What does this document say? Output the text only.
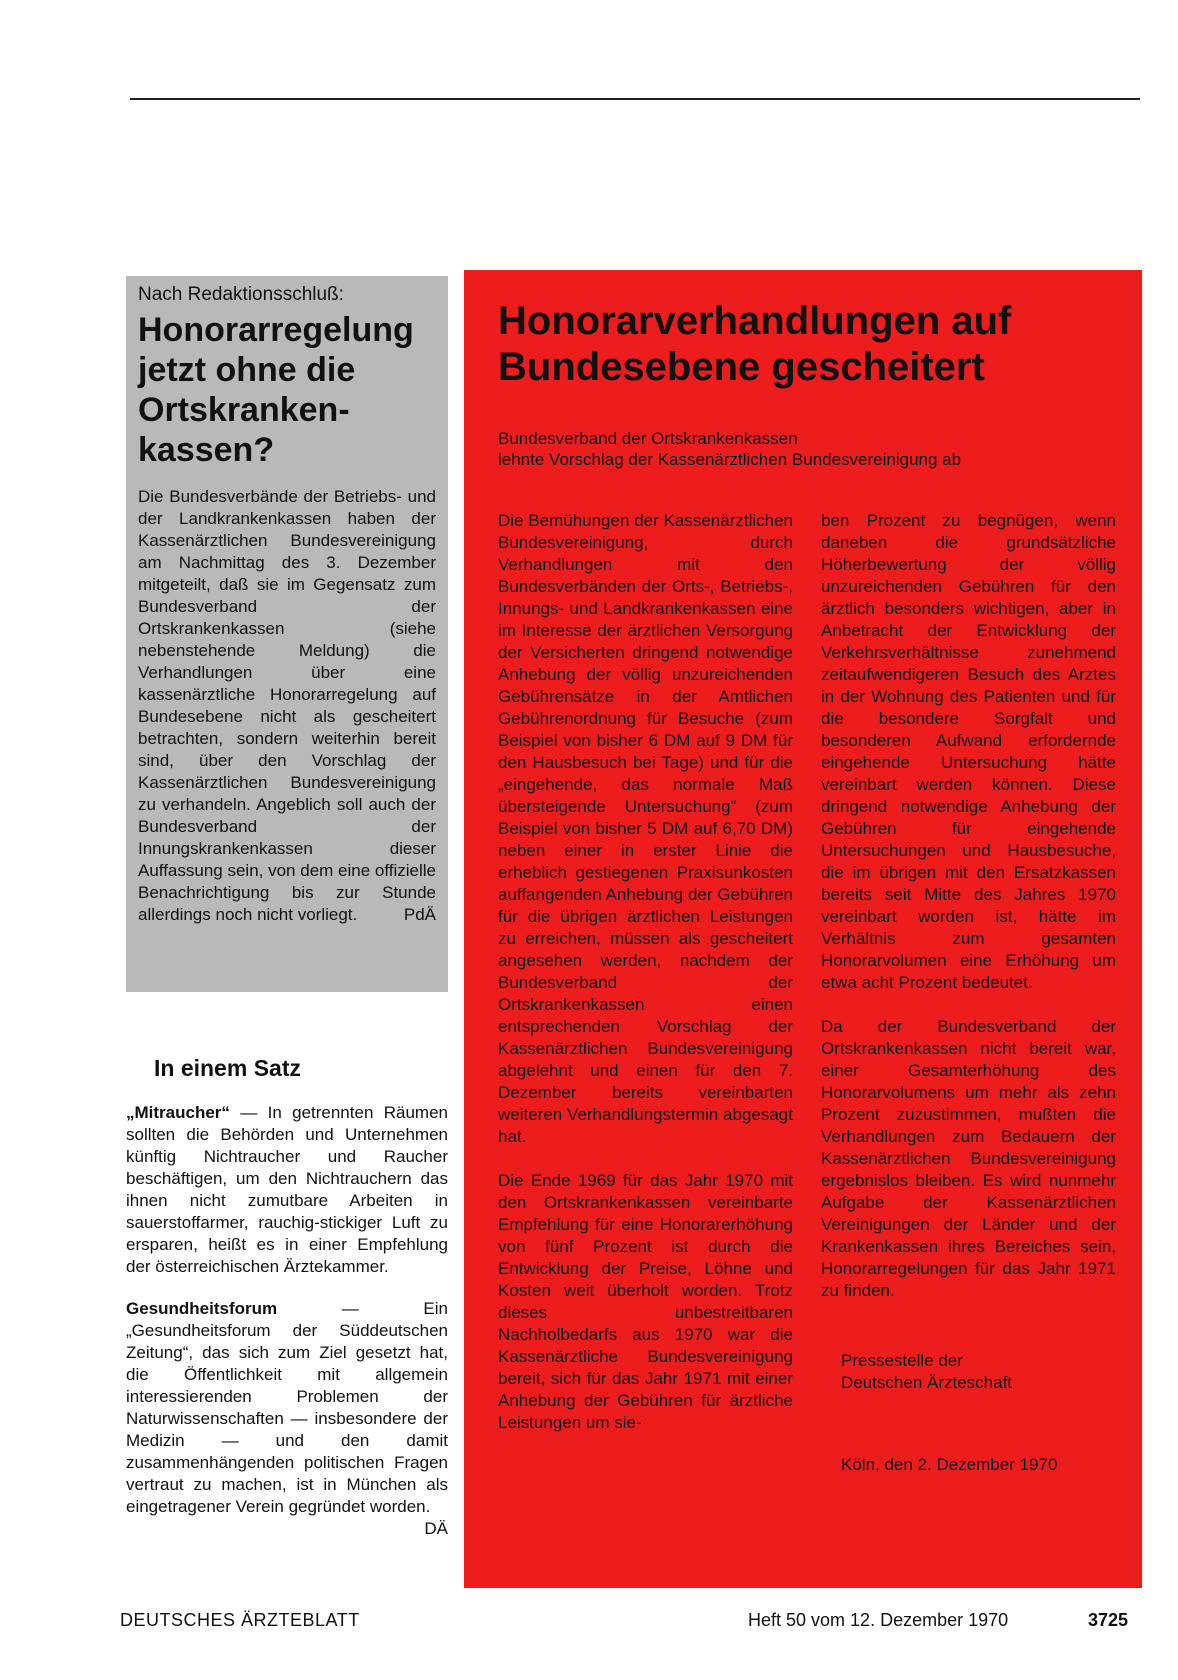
Nach Redaktionsschluß:
Honorarregelung jetzt ohne die Ortskrankenkassen?

Die Bundesverbände der Betriebs- und der Landkrankenkassen haben der Kassenärztlichen Bundesvereinigung am Nachmittag des 3. Dezember mitgeteilt, daß sie im Gegensatz zum Bundesverband der Ortskrankenkassen (siehe nebenstehende Meldung) die Verhandlungen über eine kassenärztliche Honorarregelung auf Bundesebene nicht als gescheitert betrachten, sondern weiterhin bereit sind, über den Vorschlag der Kassenärztlichen Bundesvereinigung zu verhandeln. Angeblich soll auch der Bundesverband der Innungskrankenkassen dieser Auffassung sein, von dem eine offizielle Benachrichtigung bis zur Stunde allerdings noch nicht vorliegt.	PdÄ

In einem Satz

„Mitraucher“ — In getrennten Räumen sollten die Behörden und Unternehmen künftig Nichtraucher und Raucher beschäftigen, um den Nichtrauchern das ihnen nicht zumutbare Arbeiten in sauerstoffarmer, rauchig-stickiger Luft zu ersparen, heißt es in einer Empfehlung der österreichischen Ärztekammer.

Gesundheitsforum — Ein „Gesundheitsforum der Süddeutschen Zeitung“, das sich zum Ziel gesetzt hat, die Öffentlichkeit mit allgemein interessierenden Problemen der Naturwissenschaften — insbesondere der Medizin — und den damit zusammenhängenden politischen Fragen vertraut zu machen, ist in München als eingetragener Verein gegründet worden.
DÄ

Honorarverhandlungen auf Bundesebene gescheitert
Bundesverband der Ortskrankenkassen
lehnte Vorschlag der Kassenärztlichen Bundesvereinigung ab

Die Bemühungen der Kassenärztlichen Bundesvereinigung, durch Verhandlungen mit den Bundesverbänden der Orts-, Betriebs-, Innungs- und Landkrankenkassen eine im Interesse der ärztlichen Versorgung der Versicherten dringend notwendige Anhebung der völlig unzureichenden Gebührensätze in der Amtlichen Gebührenordnung für Besuche (zum Beispiel von bisher 6 DM auf 9 DM für den Hausbesuch bei Tage) und für die „eingehende, das normale Maß übersteigende Untersuchung“ (zum Beispiel von bisher 5 DM auf 6,70 DM) neben einer in erster Linie die erheblich gestiegenen Praxisunkosten auffangenden Anhebung der Gebühren für die übrigen ärztlichen Leistungen zu erreichen, müssen als gescheitert angesehen werden, nachdem der Bundesverband der Ortskrankenkassen einen entsprechenden Vorschlag der Kassenärztlichen Bundesvereinigung abgelehnt und einen für den 7. Dezember bereits vereinbarten weiteren Verhandlungstermin abgesagt hat.

Die Ende 1969 für das Jahr 1970 mit den Ortskrankenkassen vereinbarte Empfehlung für eine Honorarerhöhung von fünf Prozent ist durch die Entwicklung der Preise, Löhne und Kosten weit überholt worden. Trotz dieses unbestreitbaren Nachholbedarfs aus 1970 war die Kassenärztliche Bundesvereinigung bereit, sich für das Jahr 1971 mit einer Anhebung der Gebühren für ärztliche Leistungen um sie-

ben Prozent zu begnügen, wenn daneben die grundsätzliche Höherbewertung der völlig unzureichenden Gebühren für den ärztlich besonders wichtigen, aber in Anbetracht der Entwicklung der Verkehrsverhältnisse zunehmend zeitaufwendigeren Besuch des Arztes in der Wohnung des Patienten und für die besondere Sorgfalt und besonderen Aufwand erfordernde eingehende Untersuchung hätte vereinbart werden können. Diese dringend notwendige Anhebung der Gebühren für eingehende Untersuchungen und Hausbesuche, die im übrigen mit den Ersatzkassen bereits seit Mitte des Jahres 1970 vereinbart worden ist, hätte im Verhältnis zum gesamten Honorarvolumen eine Erhöhung um etwa acht Prozent bedeutet.

Da der Bundesverband der Ortskrankenkassen nicht bereit war, einer Gesamterhöhung des Honorarvolumens um mehr als zehn Prozent zuzustimmen, mußten die Verhandlungen zum Bedauern der Kassenärztlichen Bundesvereinigung ergebnislos bleiben. Es wird nunmehr Aufgabe der Kassenärztlichen Vereinigungen der Länder und der Krankenkassen ihres Bereiches sein, Honorarregelungen für das Jahr 1971 zu finden.

Pressestelle der
Deutschen Ärzteschaft
Köln, den 2. Dezember 1970
DEUTSCHES ÄRZTEBLATT	Heft 50 vom 12. Dezember 1970	3725
